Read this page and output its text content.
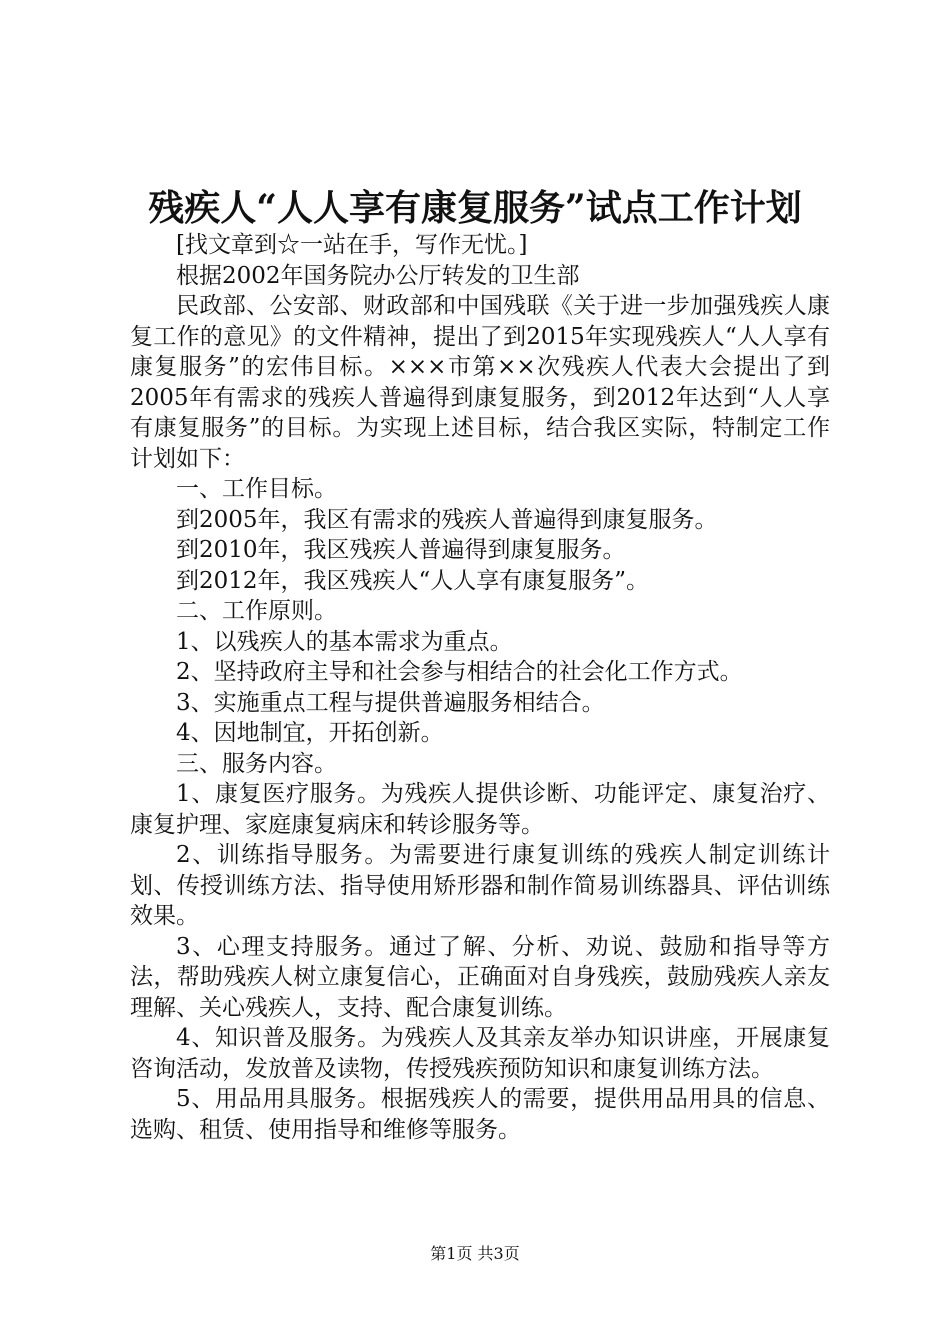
残疾人“人人享有康复服务”试点工作计划

[找文章到☆一站在手，写作无忧。]

根据2002年国务院办公厅转发的卫生部

民政部、公安部、财政部和中国残联《关于进一步加强残疾人康复工作的意见》的文件精神，提出了到2015年实现残疾人“人人享有康复服务”的宏伟目标。×××市第××次残疾人代表大会提出了到2005年有需求的残疾人普遍得到康复服务，到2012年达到“人人享有康复服务”的目标。为实现上述目标，结合我区实际，特制定工作计划如下：

一、工作目标。

到2005年，我区有需求的残疾人普遍得到康复服务。

到2010年，我区残疾人普遍得到康复服务。

到2012年，我区残疾人“人人享有康复服务”。

二、工作原则。

1、以残疾人的基本需求为重点。

2、坚持政府主导和社会参与相结合的社会化工作方式。

3、实施重点工程与提供普遍服务相结合。

4、因地制宜，开拓创新。

三、服务内容。

1、康复医疗服务。为残疾人提供诊断、功能评定、康复治疗、康复护理、家庭康复病床和转诊服务等。

2、训练指导服务。为需要进行康复训练的残疾人制定训练计划、传授训练方法、指导使用矫形器和制作简易训练器具、评估训练效果。

3、心理支持服务。通过了解、分析、劝说、鼓励和指导等方法，帮助残疾人树立康复信心，正确面对自身残疾，鼓励残疾人亲友理解、关心残疾人，支持、配合康复训练。

4、知识普及服务。为残疾人及其亲友举办知识讲座，开展康复咨询活动，发放普及读物，传授残疾预防知识和康复训练方法。

5、用品用具服务。根据残疾人的需要，提供用品用具的信息、选购、租赁、使用指导和维修等服务。

第1页 共3页
